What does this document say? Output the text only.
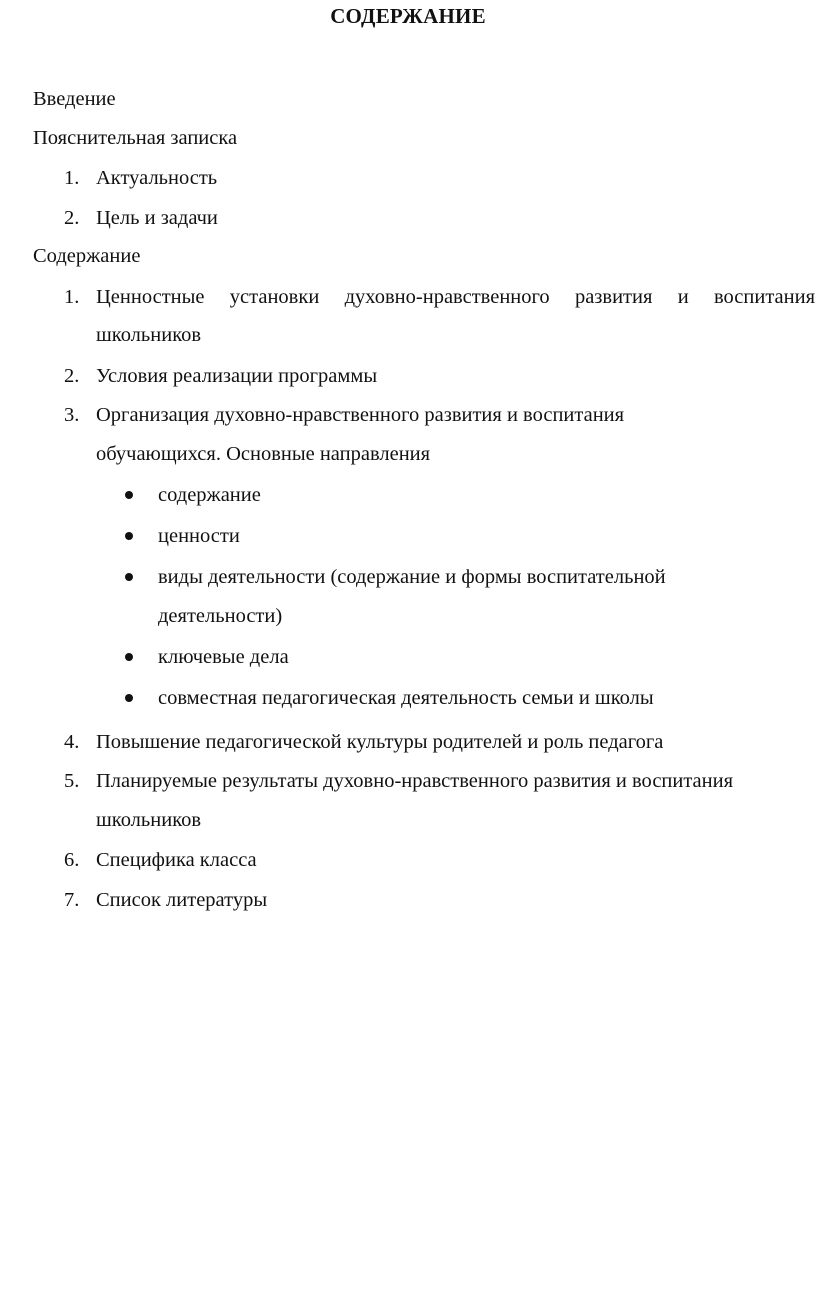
СОДЕРЖАНИЕ
Введение
Пояснительная записка
1. Актуальность
2. Цель и задачи
Содержание
1. Ценностные установки духовно-нравственного развития и воспитания
школьников
2. Условия реализации программы
3. Организация духовно-нравственного развития и воспитания
обучающихся. Основные направления
содержание
ценности
виды деятельности (содержание и формы воспитательной
деятельности)
ключевые дела
совместная педагогическая деятельность семьи и школы
4. Повышение педагогической культуры родителей и роль педагога
5. Планируемые результаты духовно-нравственного развития и воспитания
школьников
6. Специфика класса
7. Список литературы
